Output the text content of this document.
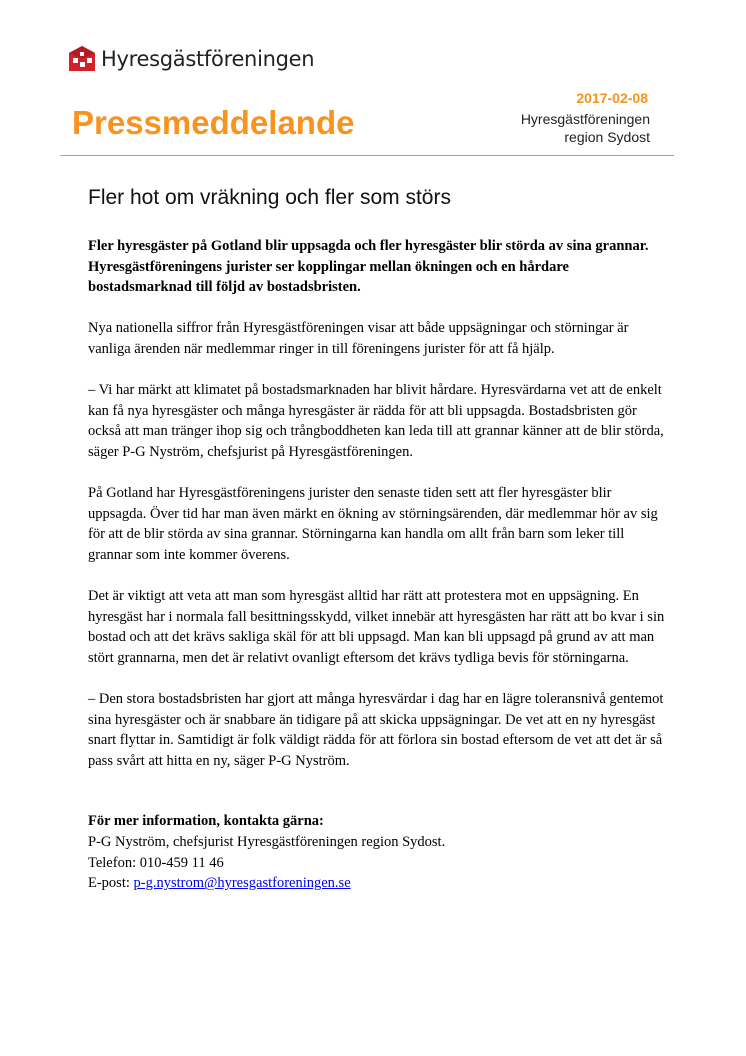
Hyresgästföreningen
Pressmeddelande
2017-02-08
Hyresgästföreningen
region Sydost
Fler hot om vräkning och fler som störs

Fler hyresgäster på Gotland blir uppsagda och fler hyresgäster blir störda av sina grannar. Hyresgästföreningens jurister ser kopplingar mellan ökningen och en hårdare bostadsmarknad till följd av bostadsbristen.

Nya nationella siffror från Hyresgästföreningen visar att både uppsägningar och störningar är vanliga ärenden när medlemmar ringer in till föreningens jurister för att få hjälp.

– Vi har märkt att klimatet på bostadsmarknaden har blivit hårdare. Hyresvärdarna vet att de enkelt kan få nya hyresgäster och många hyresgäster är rädda för att bli uppsagda. Bostadsbristen gör också att man tränger ihop sig och trångboddheten kan leda till att grannar känner att de blir störda, säger P-G Nyström, chefsjurist på Hyresgästföreningen.

På Gotland har Hyresgästföreningens jurister den senaste tiden sett att fler hyresgäster blir uppsagda. Över tid har man även märkt en ökning av störningsärenden, där medlemmar hör av sig för att de blir störda av sina grannar. Störningarna kan handla om allt från barn som leker till grannar som inte kommer överens.

Det är viktigt att veta att man som hyresgäst alltid har rätt att protestera mot en uppsägning. En hyresgäst har i normala fall besittningsskydd, vilket innebär att hyresgästen har rätt att bo kvar i sin bostad och att det krävs sakliga skäl för att bli uppsagd. Man kan bli uppsagd på grund av att man stört grannarna, men det är relativt ovanligt eftersom det krävs tydliga bevis för störningarna.

– Den stora bostadsbristen har gjort att många hyresvärdar i dag har en lägre toleransnivå gentemot sina hyresgäster och är snabbare än tidigare på att skicka uppsägningar. De vet att en ny hyresgäst snart flyttar in. Samtidigt är folk väldigt rädda för att förlora sin bostad eftersom de vet att det är så pass svårt att hitta en ny, säger P-G Nyström.

För mer information, kontakta gärna:
P-G Nyström, chefsjurist Hyresgästföreningen region Sydost.
Telefon: 010-459 11 46
E-post: p-g.nystrom@hyresgastforeningen.se
